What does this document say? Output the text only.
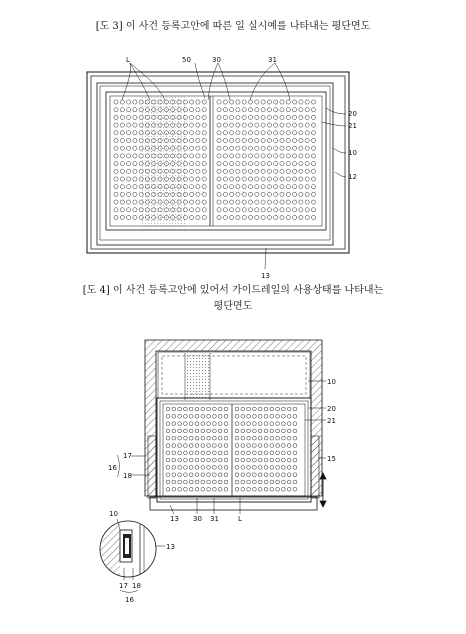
[도 3] 이 사건 등록고안에 따른 일 실시예를 나타내는 평단면도
[도 4] 이 사건 등록고안에 있어서 가이드레일의 사용상태를 나타내는
평단면도
L	50	30	31
20
21
10
12
13
10
20
21
15
17
16
18
13 30 31	L
10
13
17 18
16
